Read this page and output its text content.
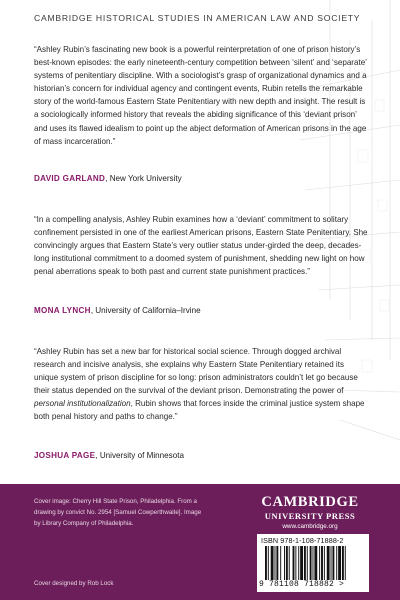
CAMBRIDGE HISTORICAL STUDIES IN AMERICAN LAW AND SOCIETY

“Ashley Rubin’s fascinating new book is a powerful reinterpretation of one of prison history’s best-known episodes: the early nineteenth-century competition between ‘silent’ and ‘separate’ systems of penitentiary discipline. With a sociologist’s grasp of organizational dynamics and a historian’s concern for individual agency and contingent events, Rubin retells the remarkable story of the world-famous Eastern State Penitentiary with new depth and insight. The result is a sociologically informed history that reveals the abiding significance of this ‘deviant prison’ and uses its flawed idealism to point up the abject deformation of American prisons in the age of mass incarceration.”

DAVID GARLAND, New York University

“In a compelling analysis, Ashley Rubin examines how a ‘deviant’ commitment to solitary confinement persisted in one of the earliest American prisons, Eastern State Penitentiary. She convincingly argues that Eastern State’s very outlier status under-girded the deep, decades-long institutional commitment to a doomed system of punishment, shedding new light on how penal aberrations speak to both past and current state punishment practices.”

MONA LYNCH, University of California–Irvine

“Ashley Rubin has set a new bar for historical social science. Through dogged archival research and incisive analysis, she explains why Eastern State Penitentiary retained its unique system of prison discipline for so long: prison administrators couldn’t let go because their status depended on the survival of the deviant prison. Demonstrating the power of personal institutionalization, Rubin shows that forces inside the criminal justice system shape both penal history and paths to change.”

JOSHUA PAGE, University of Minnesota

Cover image: Cherry Hill State Prison, Philadelphia. From a drawing by convict No. 2954 [Samuel Cowperthwaite]. Image by Library Company of Philadelphia.

Cover designed by Rob Lock
CAMBRIDGE
UNIVERSITY PRESS
www.cambridge.org
ISBN 978-1-108-71888-2
9 781108 718882 >
